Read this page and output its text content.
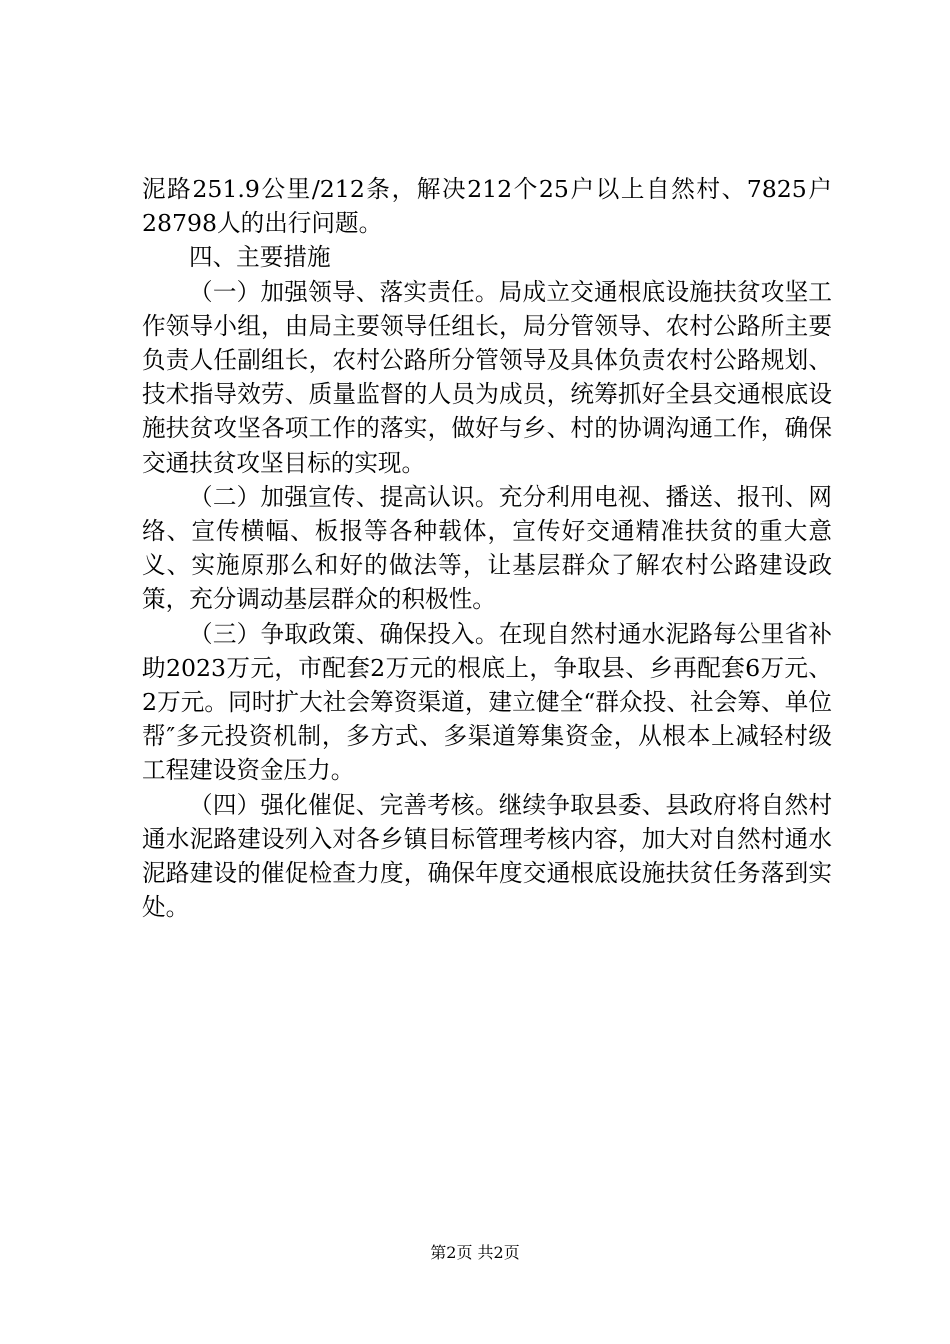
泥路251.9公里/212条，解决212个25户以上自然村、7825户28798人的出行问题。

四、主要措施

（一）加强领导、落实责任。局成立交通根底设施扶贫攻坚工作领导小组，由局主要领导任组长，局分管领导、农村公路所主要负责人任副组长，农村公路所分管领导及具体负责农村公路规划、技术指导效劳、质量监督的人员为成员，统筹抓好全县交通根底设施扶贫攻坚各项工作的落实，做好与乡、村的协调沟通工作，确保交通扶贫攻坚目标的实现。

（二）加强宣传、提高认识。充分利用电视、播送、报刊、网络、宣传横幅、板报等各种载体，宣传好交通精准扶贫的重大意义、实施原那么和好的做法等，让基层群众了解农村公路建设政策，充分调动基层群众的积极性。

（三）争取政策、确保投入。在现自然村通水泥路每公里省补助2023万元，市配套2万元的根底上，争取县、乡再配套6万元、2万元。同时扩大社会筹资渠道，建立健全“群众投、社会筹、单位帮″多元投资机制，多方式、多渠道筹集资金，从根本上减轻村级工程建设资金压力。

（四）强化催促、完善考核。继续争取县委、县政府将自然村通水泥路建设列入对各乡镇目标管理考核内容，加大对自然村通水泥路建设的催促检查力度，确保年度交通根底设施扶贫任务落到实处。

第2页 共2页
